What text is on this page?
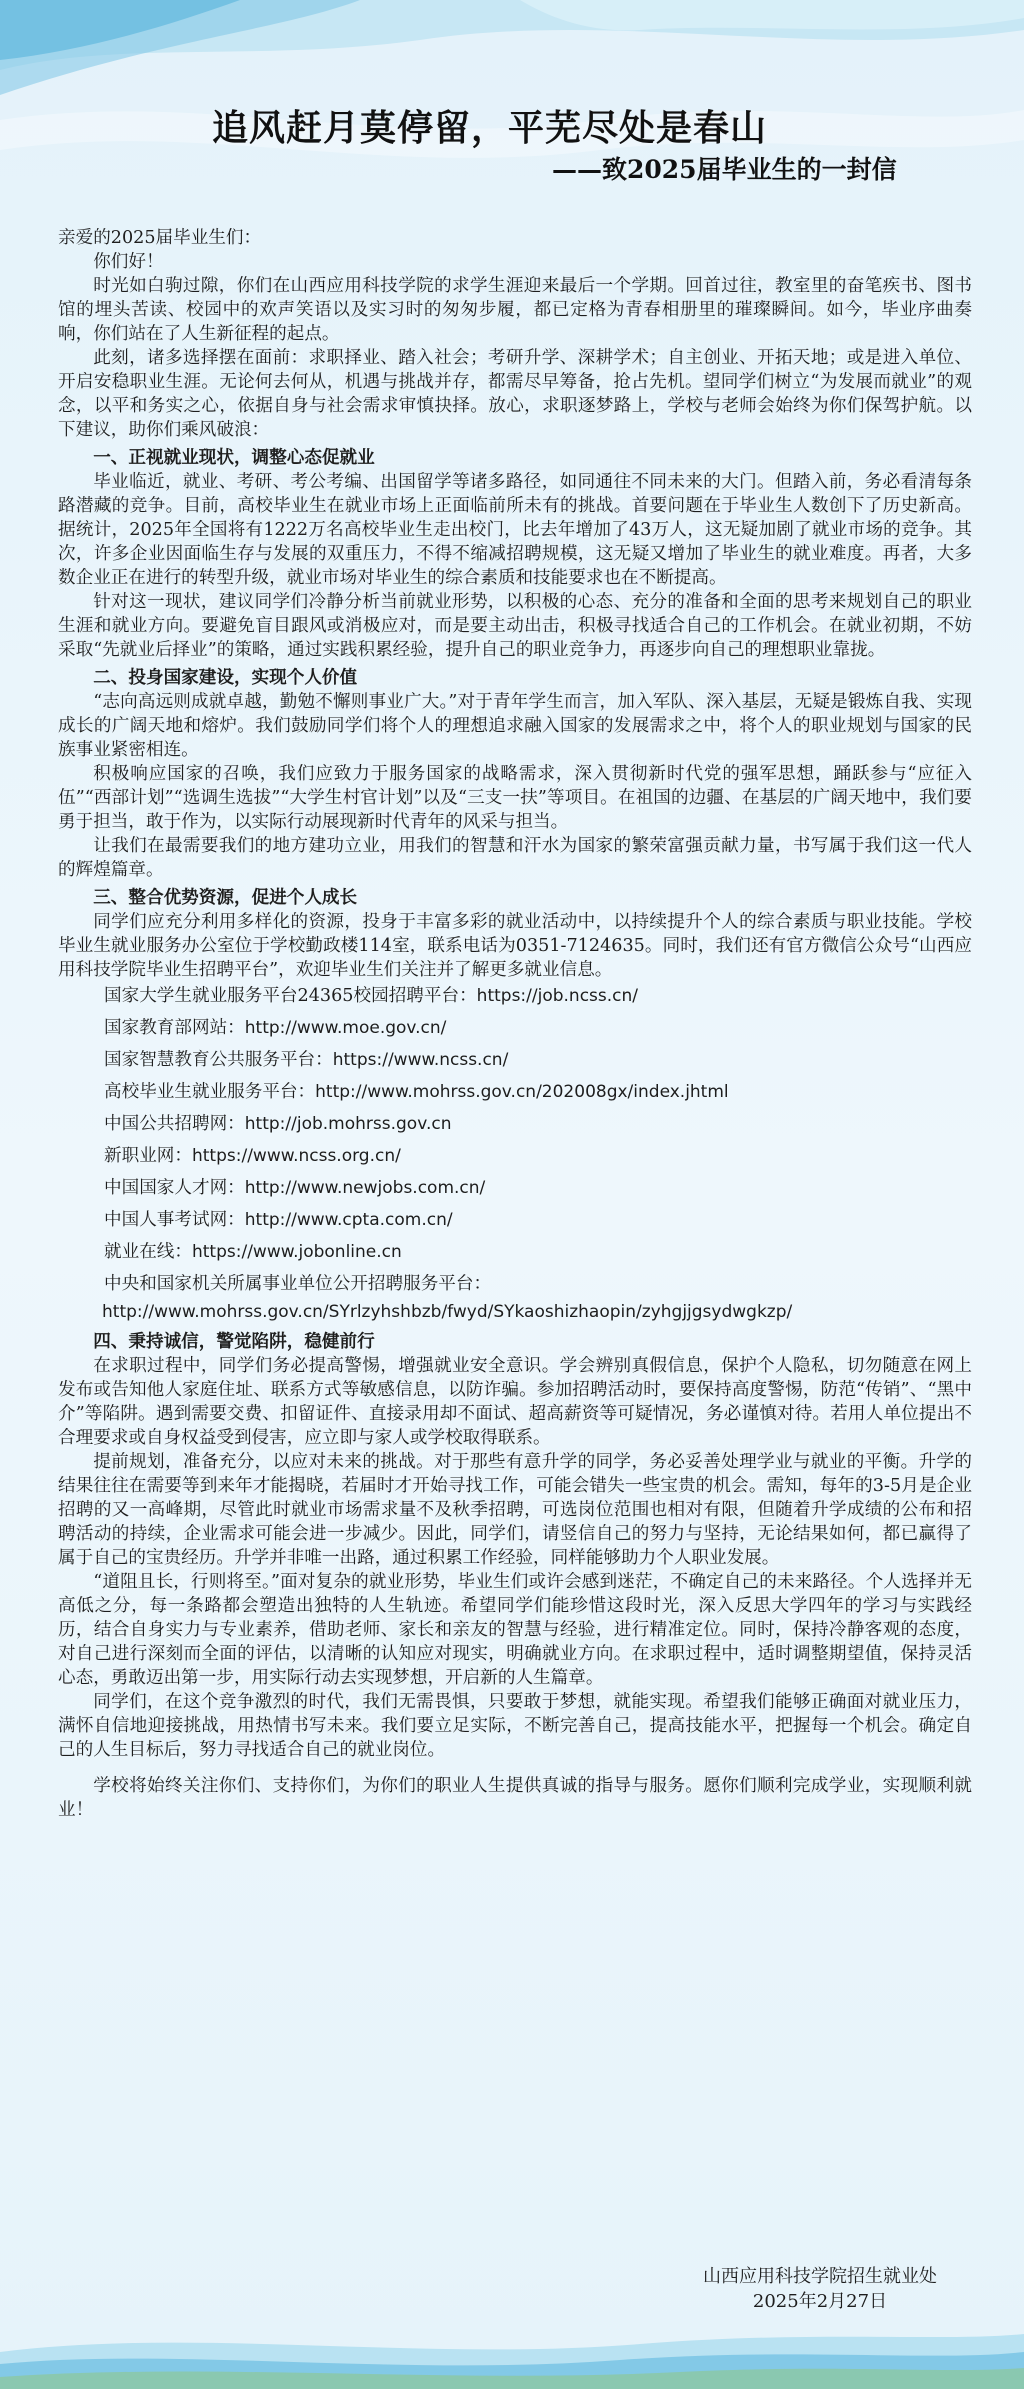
追风赶月莫停留，平芜尽处是春山
——致2025届毕业生的一封信

亲爱的2025届毕业生们：

你们好！

时光如白驹过隙，你们在山西应用科技学院的求学生涯迎来最后一个学期。回首过往，教室里的奋笔疾书、图书馆的埋头苦读、校园中的欢声笑语以及实习时的匆匆步履，都已定格为青春相册里的璀璨瞬间。如今，毕业序曲奏响，你们站在了人生新征程的起点。

此刻，诸多选择摆在面前：求职择业、踏入社会；考研升学、深耕学术；自主创业、开拓天地；或是进入单位、开启安稳职业生涯。无论何去何从，机遇与挑战并存，都需尽早筹备，抢占先机。望同学们树立“为发展而就业”的观念，以平和务实之心，依据自身与社会需求审慎抉择。放心，求职逐梦路上，学校与老师会始终为你们保驾护航。以下建议，助你们乘风破浪：

一、正视就业现状，调整心态促就业

毕业临近，就业、考研、考公考编、出国留学等诸多路径，如同通往不同未来的大门。但踏入前，务必看清每条路潜藏的竞争。目前，高校毕业生在就业市场上正面临前所未有的挑战。首要问题在于毕业生人数创下了历史新高。据统计，2025年全国将有1222万名高校毕业生走出校门，比去年增加了43万人，这无疑加剧了就业市场的竞争。其次，许多企业因面临生存与发展的双重压力，不得不缩减招聘规模，这无疑又增加了毕业生的就业难度。再者，大多数企业正在进行的转型升级，就业市场对毕业生的综合素质和技能要求也在不断提高。

针对这一现状，建议同学们冷静分析当前就业形势，以积极的心态、充分的准备和全面的思考来规划自己的职业生涯和就业方向。要避免盲目跟风或消极应对，而是要主动出击，积极寻找适合自己的工作机会。在就业初期，不妨采取“先就业后择业”的策略，通过实践积累经验，提升自己的职业竞争力，再逐步向自己的理想职业靠拢。

二、投身国家建设，实现个人价值

“志向高远则成就卓越，勤勉不懈则事业广大。”对于青年学生而言，加入军队、深入基层，无疑是锻炼自我、实现成长的广阔天地和熔炉。我们鼓励同学们将个人的理想追求融入国家的发展需求之中，将个人的职业规划与国家的民族事业紧密相连。

积极响应国家的召唤，我们应致力于服务国家的战略需求，深入贯彻新时代党的强军思想，踊跃参与“应征入伍”“西部计划”“选调生选拔”“大学生村官计划”以及“三支一扶”等项目。在祖国的边疆、在基层的广阔天地中，我们要勇于担当，敢于作为，以实际行动展现新时代青年的风采与担当。

让我们在最需要我们的地方建功立业，用我们的智慧和汗水为国家的繁荣富强贡献力量，书写属于我们这一代人的辉煌篇章。

三、整合优势资源，促进个人成长

同学们应充分利用多样化的资源，投身于丰富多彩的就业活动中，以持续提升个人的综合素质与职业技能。学校毕业生就业服务办公室位于学校勤政楼114室，联系电话为0351-7124635。同时，我们还有官方微信公众号“山西应用科技学院毕业生招聘平台”，欢迎毕业生们关注并了解更多就业信息。

国家大学生就业服务平台24365校园招聘平台：https://job.ncss.cn/
国家教育部网站：http://www.moe.gov.cn/
国家智慧教育公共服务平台：https://www.ncss.cn/
高校毕业生就业服务平台：http://www.mohrss.gov.cn/202008gx/index.jhtml
中国公共招聘网：http://job.mohrss.gov.cn
新职业网：https://www.ncss.org.cn/
中国国家人才网：http://www.newjobs.com.cn/
中国人事考试网：http://www.cpta.com.cn/
就业在线：https://www.jobonline.cn
中央和国家机关所属事业单位公开招聘服务平台：
http://www.mohrss.gov.cn/SYrlzyhshbzb/fwyd/SYkaoshizhaopin/zyhgjjgsydwgkzp/
四、秉持诚信，警觉陷阱，稳健前行

在求职过程中，同学们务必提高警惕，增强就业安全意识。学会辨别真假信息，保护个人隐私，切勿随意在网上发布或告知他人家庭住址、联系方式等敏感信息，以防诈骗。参加招聘活动时，要保持高度警惕，防范“传销”、“黑中介”等陷阱。遇到需要交费、扣留证件、直接录用却不面试、超高薪资等可疑情况，务必谨慎对待。若用人单位提出不合理要求或自身权益受到侵害，应立即与家人或学校取得联系。

提前规划，准备充分，以应对未来的挑战。对于那些有意升学的同学，务必妥善处理学业与就业的平衡。升学的结果往往在需要等到来年才能揭晓，若届时才开始寻找工作，可能会错失一些宝贵的机会。需知，每年的3-5月是企业招聘的又一高峰期，尽管此时就业市场需求量不及秋季招聘，可选岗位范围也相对有限，但随着升学成绩的公布和招聘活动的持续，企业需求可能会进一步减少。因此，同学们，请竖信自己的努力与坚持，无论结果如何，都已赢得了属于自己的宝贵经历。升学并非唯一出路，通过积累工作经验，同样能够助力个人职业发展。

“道阻且长，行则将至。”面对复杂的就业形势，毕业生们或许会感到迷茫，不确定自己的未来路径。个人选择并无高低之分，每一条路都会塑造出独特的人生轨迹。希望同学们能珍惜这段时光，深入反思大学四年的学习与实践经历，结合自身实力与专业素养，借助老师、家长和亲友的智慧与经验，进行精准定位。同时，保持冷静客观的态度，对自己进行深刻而全面的评估，以清晰的认知应对现实，明确就业方向。在求职过程中，适时调整期望值，保持灵活心态，勇敢迈出第一步，用实际行动去实现梦想，开启新的人生篇章。

同学们，在这个竞争激烈的时代，我们无需畏惧，只要敢于梦想，就能实现。希望我们能够正确面对就业压力，满怀自信地迎接挑战，用热情书写未来。我们要立足实际，不断完善自己，提高技能水平，把握每一个机会。确定自己的人生目标后，努力寻找适合自己的就业岗位。

学校将始终关注你们、支持你们，为你们的职业人生提供真诚的指导与服务。愿你们顺利完成学业，实现顺利就业！

山西应用科技学院招生就业处
2025年2月27日
